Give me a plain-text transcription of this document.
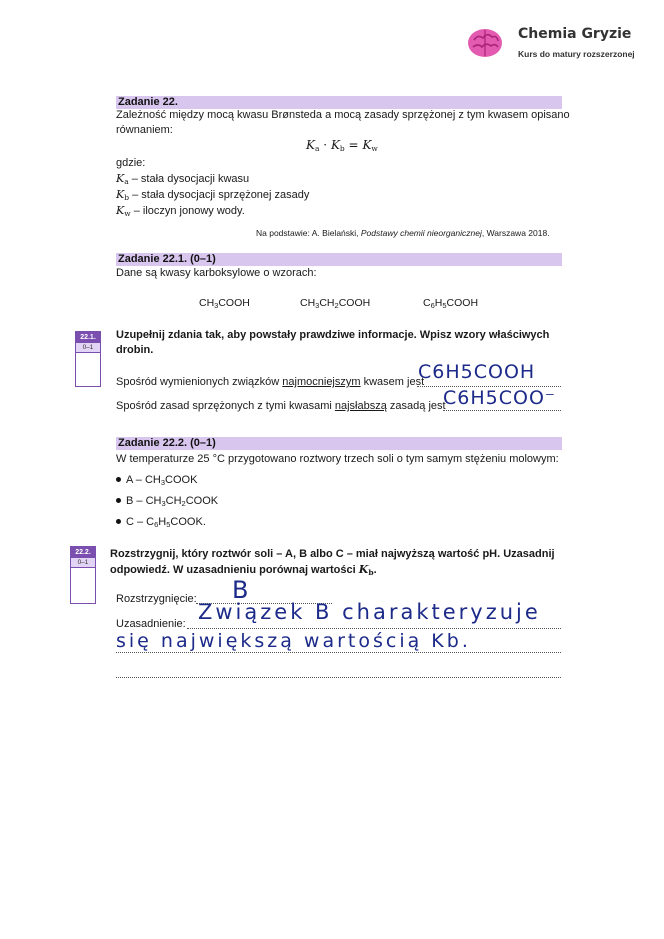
Chemia Gryzie
Kurs do matury rozszerzonej
Zadanie 22.
Zależność między mocą kwasu Brønsteda a mocą zasady sprzężonej z tym kwasem opisano
równaniem:
$K_a \cdot K_b = K_w$
gdzie:
$K_a$ – stała dysocjacji kwasu
$K_b$ – stała dysocjacji sprzężonej zasady
$K_w$ – iloczyn jonowy wody.
Na podstawie: A. Bielański, Podstawy chemii nieorganicznej, Warszawa 2018.
Zadanie 22.1. (0–1)
Dane są kwasy karboksylowe o wzorach:
$CH_3COOH$	$CH_3CH_2COOH$	$C_6H_5COOH$
22.1.
0–1
Uzupełnij zdania tak, aby powstały prawdziwe informacje. Wpisz wzory właściwych
drobin.
Spośród wymienionych związków najmocniejszym kwasem jest
C6H5COOH
Spośród zasad sprzężonych z tymi kwasami najsłabszą zasadą jest
C6H5COO⁻
Zadanie 22.2. (0–1)
W temperaturze 25 °C przygotowano roztwory trzech soli o tym samym stężeniu molowym:
A – $CH_3COOK$
B – $CH_3CH_2COOK$
C – $C_6H_5COOK$.
22.2.
0–1
Rozstrzygnij, który roztwór soli – A, B albo C – miał najwyższą wartość pH. Uzasadnij
odpowiedź. W uzasadnieniu porównaj wartości $K_b$.
Rozstrzygnięcie: B
Uzasadnienie: Związek B charakteryzuje
się największą wartością Kb.
